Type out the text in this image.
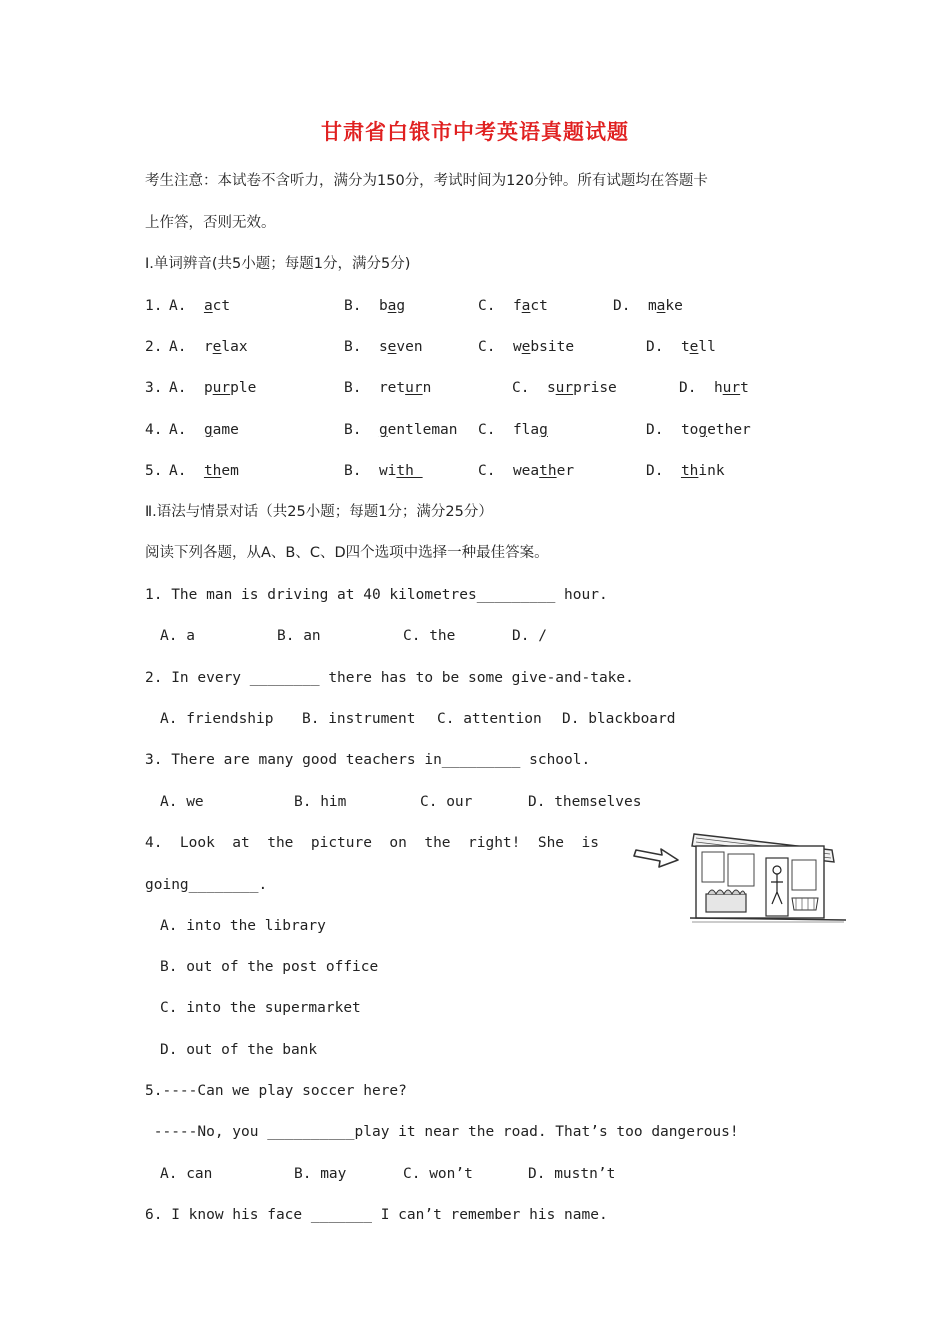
甘肃省白银市中考英语真题试题
考生注意：本试卷不含听力，满分为150分，考试时间为120分钟。所有试题均在答题卡
上作答，否则无效。
I.单词辨音(共5小题；每题1分，满分5分)
1. A. act	B. bag	C. fact	D. make
2. A. relax	B. seven	C. website	D. tell
3. A. purple	B. return	C. surprise	D. hurt
4. A. game	B. gentleman C. flag	D. together
5. A. them	B. with	C. weather	D. think
Ⅱ.语法与情景对话（共25小题；每题1分；满分25分）
阅读下列各题，从A、B、C、D四个选项中选择一种最佳答案。
1. The man is driving at 40 kilometres_________ hour.
A. a	B. an	C. the	D. /
2. In every ________ there has to be some give-and-take.
A. friendship B. instrument C. attention D. blackboard
3. There are many good teachers in_________ school.
A. we	B. him	C. our	D. themselves
4.  Look  at  the  picture  on  the  right!  She  is
going________.
A. into the library
B. out of the post office
C. into the supermarket
D. out of the bank
5.----Can we play soccer here?
-----No, you __________play it near the road. That’s too dangerous!
A. can	B. may	C. won’t	D. mustn’t
6. I know his face _______ I can’t remember his name.
